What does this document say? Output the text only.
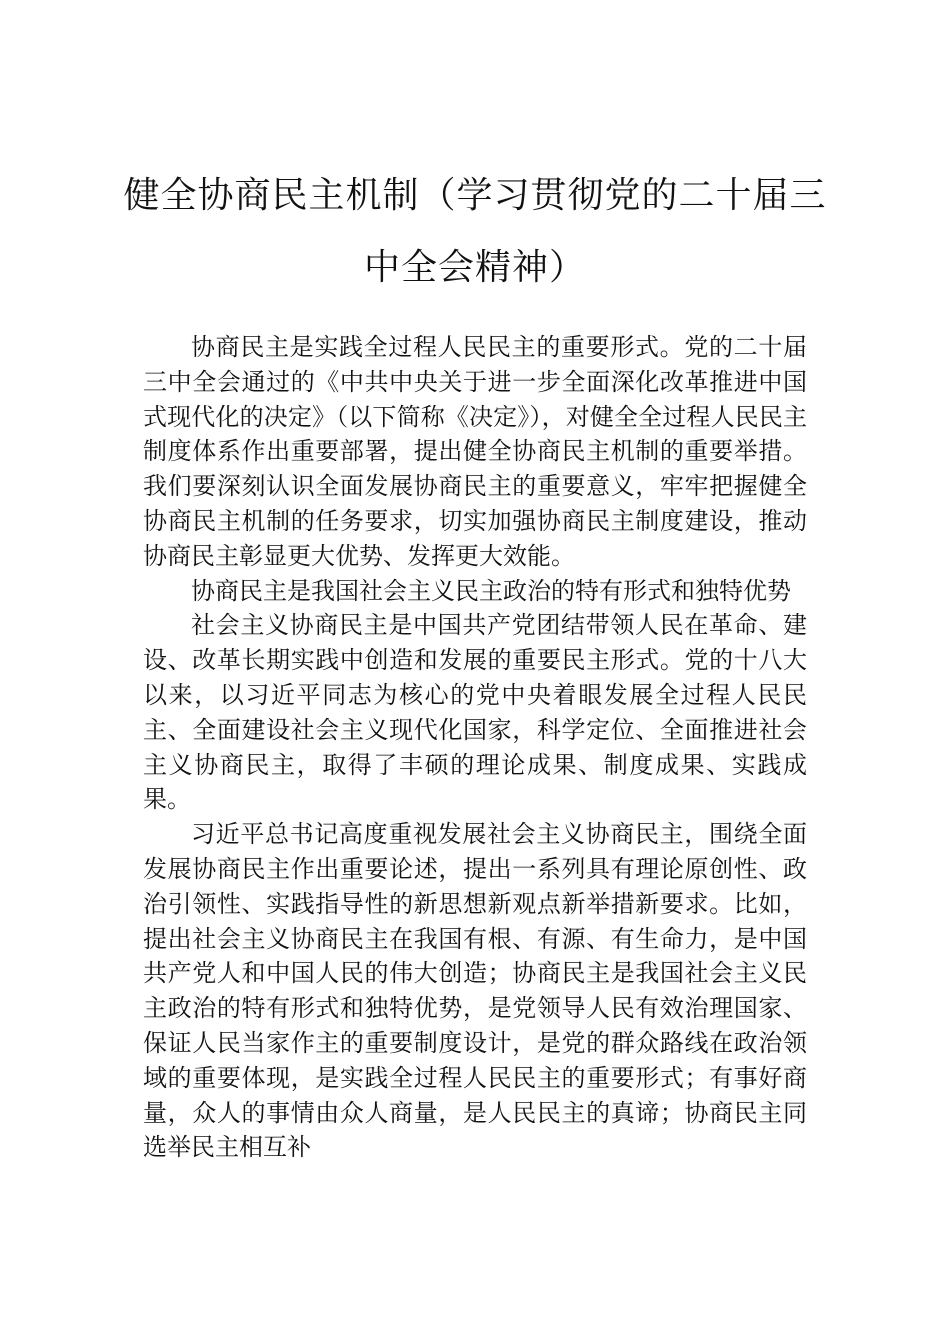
健全协商民主机制（学习贯彻党的二十届三中全会精神）

协商民主是实践全过程人民民主的重要形式。党的二十届三中全会通过的《中共中央关于进一步全面深化改革推进中国式现代化的决定》（以下简称《决定》），对健全全过程人民民主制度体系作出重要部署，提出健全协商民主机制的重要举措。我们要深刻认识全面发展协商民主的重要意义，牢牢把握健全协商民主机制的任务要求，切实加强协商民主制度建设，推动协商民主彰显更大优势、发挥更大效能。

协商民主是我国社会主义民主政治的特有形式和独特优势

社会主义协商民主是中国共产党团结带领人民在革命、建设、改革长期实践中创造和发展的重要民主形式。党的十八大以来，以习近平同志为核心的党中央着眼发展全过程人民民主、全面建设社会主义现代化国家，科学定位、全面推进社会主义协商民主，取得了丰硕的理论成果、制度成果、实践成果。

习近平总书记高度重视发展社会主义协商民主，围绕全面发展协商民主作出重要论述，提出一系列具有理论原创性、政治引领性、实践指导性的新思想新观点新举措新要求。比如，提出社会主义协商民主在我国有根、有源、有生命力，是中国共产党人和中国人民的伟大创造；协商民主是我国社会主义民主政治的特有形式和独特优势，是党领导人民有效治理国家、保证人民当家作主的重要制度设计，是党的群众路线在政治领域的重要体现，是实践全过程人民民主的重要形式；有事好商量，众人的事情由众人商量，是人民民主的真谛；协商民主同选举民主相互补
